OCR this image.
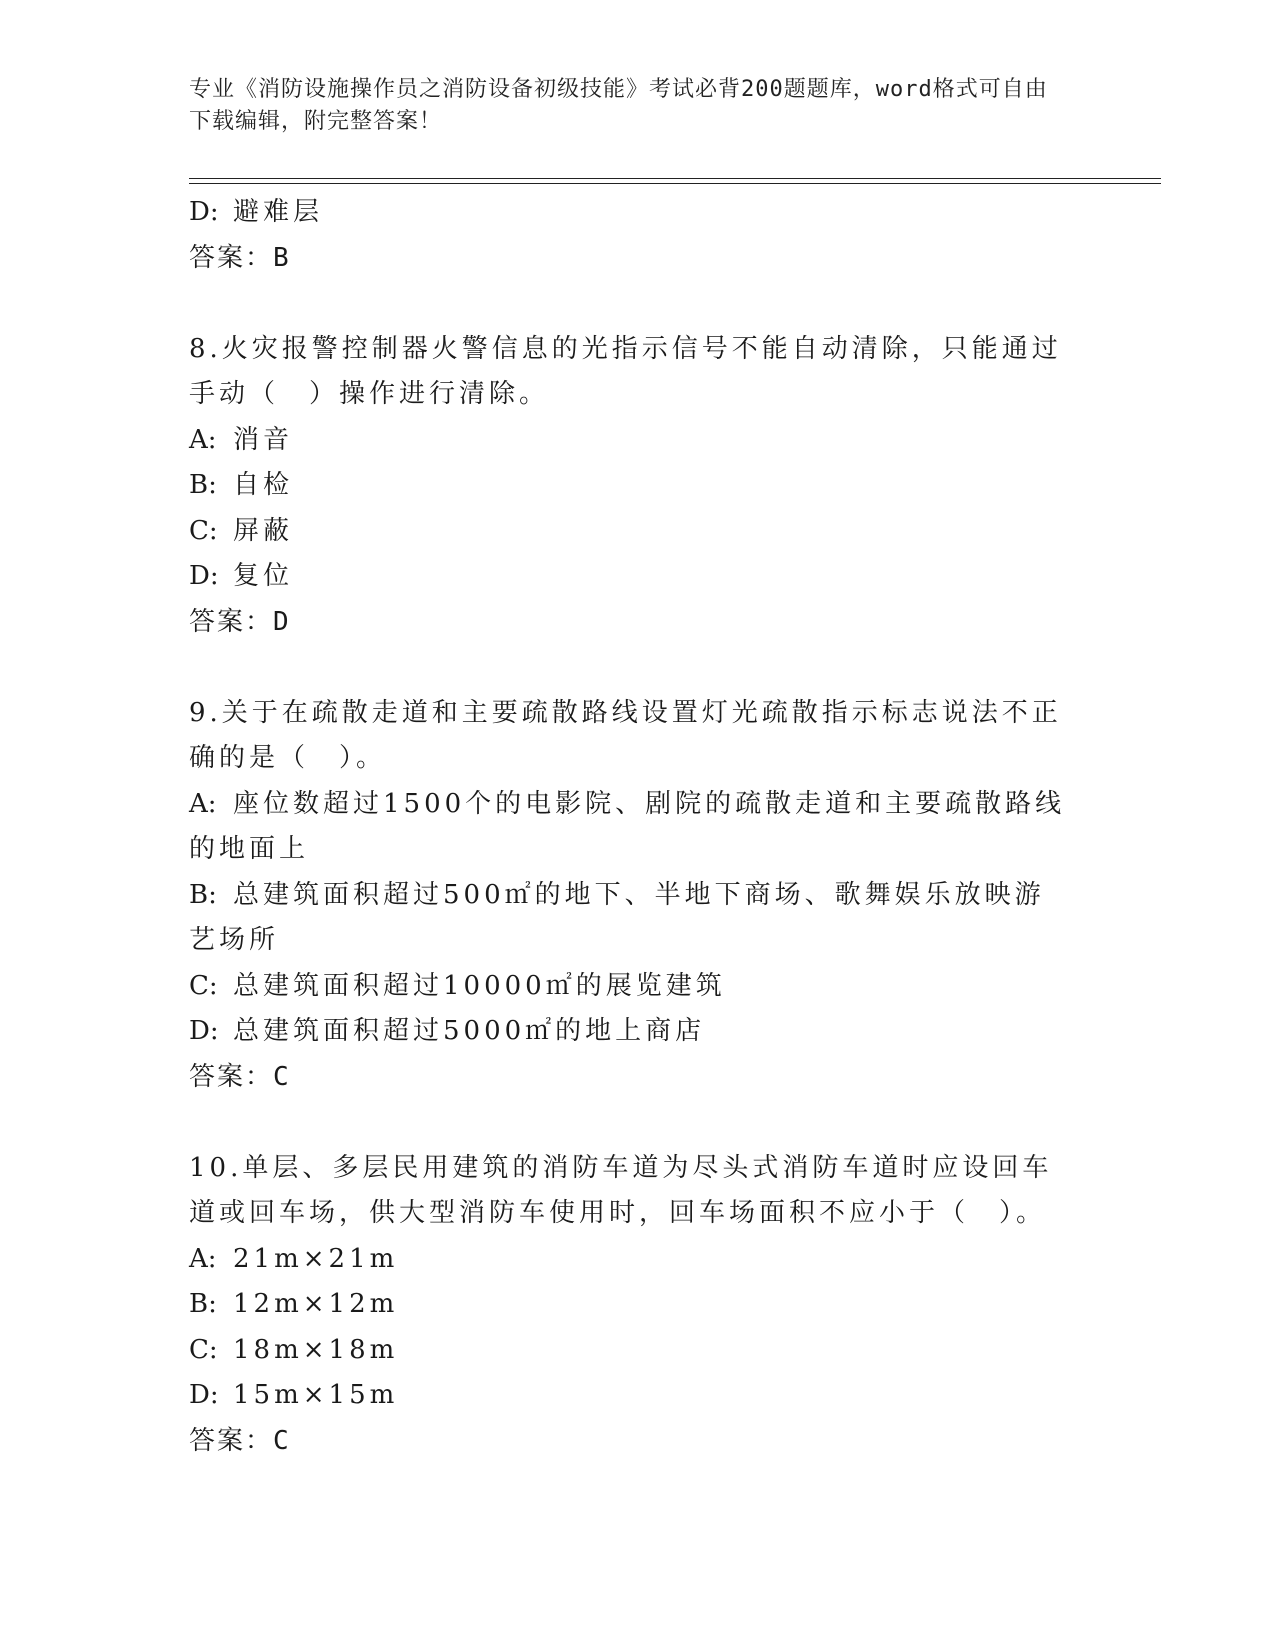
专业《消防设施操作员之消防设备初级技能》考试必背200题题库，word格式可自由下载编辑，附完整答案！
D: 避难层
答案：B
8.火灾报警控制器火警信息的光指示信号不能自动清除，只能通过手动（　）操作进行清除。
A: 消音
B: 自检
C: 屏蔽
D: 复位
答案：D
9.关于在疏散走道和主要疏散路线设置灯光疏散指示标志说法不正确的是（　）。
A: 座位数超过1500个的电影院、剧院的疏散走道和主要疏散路线的地面上
B: 总建筑面积超过500㎡的地下、半地下商场、歌舞娱乐放映游艺场所
C: 总建筑面积超过10000㎡的展览建筑
D: 总建筑面积超过5000㎡的地上商店
答案：C
10.单层、多层民用建筑的消防车道为尽头式消防车道时应设回车道或回车场，供大型消防车使用时，回车场面积不应小于（　）。
A: 21m×21m
B: 12m×12m
C: 18m×18m
D: 15m×15m
答案：C
